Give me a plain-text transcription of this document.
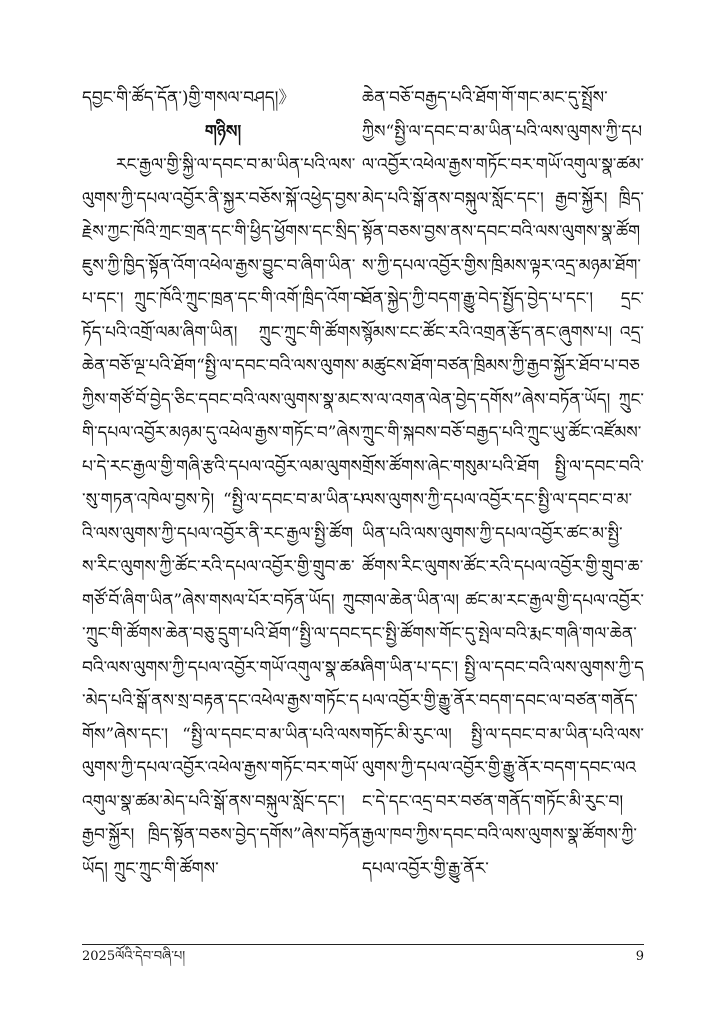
དབྱང་གི་ཚོད་དོན་)གྱི་གསལ་བཤད།》
གཉིས།

རང་རྒྱལ་གྱི་སྐྱི་ལ་དབང་བ་མ་ཡིན་པའི་ལས་ལུགས་ཀྱི་དཔལ་འབྱོར་ནི་སྐྱར་བཅོས་སྐོ་འཕྱེད་བྱས་རྗེས་ཀྱང་ཁོའི་ཀྲང་གྲན་དང་གི་ཕྱིད་ཕྱོགས་དང་སྲིད་ཇུས་ཀྱི་ཁྱིད་སྟོན་འོག་འཕེལ་རྒྱས་བྱུང་བ་ཞིག་ཡིན་པ་དང་། ཀྲུང་ཁོའི་ཀྲུང་ཁྲན་དང་གི་འགོ་ཁྲིད་འོག་བཏོད་པའི་འགྲོ་ལམ་ཞིག་ཡིན། ཀྲུང་ཀྲུང་གི་ཚོགས་ཆེན་བཅོ་ལྔ་པའི་ཐོག“སྤྱི་ལ་དབང་བའི་ལས་ལུགས་ཀྱིས་གཙོ་བོ་བྱེད་ཅིང་དབང་བའི་ལས་ལུགས་སྣ་མང་གི་དཔལ་འབྱོར་མཉམ་དུ་འཕེལ་རྒྱས་གཏོང་བ”ཞེས་པ་དེ་རང་རྒྱལ་གྱི་གཞི་རྩའི་དཔལ་འབྱོར་ལམ་ལུགས་སུ་གཏན་འཁེལ་བྱས་ཏེ། “སྤྱི་ལ་དབང་བ་མ་ཡིན་པའི་ལས་ལུགས་ཀྱི་དཔལ་འབྱོར་ནི་རང་རྒྱལ་སྤྱི་ཚོགས་རིང་ལུགས་ཀྱི་ཚོང་རའི་དཔལ་འབྱོར་གྱི་གྲུབ་ཆ་གཙོ་བོ་ཞིག་ཡིན”ཞེས་གསལ་པོར་བཏོན་ཡོད། ཀྲུང་ཀྲུང་གི་ཚོགས་ཆེན་བཅུ་དྲུག་པའི་ཐོག“སྤྱི་ལ་དབང་བའི་ལས་ལུགས་ཀྱི་དཔལ་འབྱོར་གཡོ་འགུལ་སྣ་ཚམ་མེད་པའི་སྒོ་ནས་སྲ་བརྟན་དང་འཕེལ་རྒྱས་གཏོང་དགོས”ཞེས་དང་། “སྤྱི་ལ་དབང་བ་མ་ཡིན་པའི་ལས་ལུགས་ཀྱི་དཔལ་འབྱོར་འཕེལ་རྒྱས་གཏོང་བར་གཡོ་འགུལ་སྣ་ཚམ་མེད་པའི་སྒོ་ནས་བསྐུལ་སློང་དང་། རྒྱབ་སྐྱོར། ཁྲིད་སྟོན་བཅས་བྱེད་དགོས”ཞེས་བཏོན་ཡོད། ཀྲུང་ཀྲུང་གི་ཚོགས་

ཆེན་བཅོ་བརྒྱད་པའི་ཐོག་གོ་གང་མང་དུ་སྤྲོས་ཀྱིས“སྤྱི་ལ་དབང་བ་མ་ཡིན་པའི་ལས་ལུགས་ཀྱི་དཔལ་འབྱོར་འཕེལ་རྒྱས་གཏོང་བར་གཡོ་འགུལ་སྣ་ཚམ་མེད་པའི་སྒོ་ནས་བསྐུལ་སློང་དང་། རྒྱབ་སྐྱོར། ཁྲིད་སྟོན་བཅས་བྱས་ནས་དབང་བའི་ལས་ལུགས་སྣ་ཚོགས་ཀྱི་དཔལ་འབྱོར་གྱིས་ཁྲིམས་ལྟར་འདྲ་མཉམ་ཐོག་ཐོན་སྐྱེད་ཀྱི་བདག་རྒྱུ་བེད་སྤྱོད་བྱེད་པ་དང་། དྲང་སྙོམས་ངང་ཚོང་རའི་འགྲན་རྩོད་ནང་ཞུགས་པ། འདྲ་མཚུངས་ཐོག་བཙན་ཁྲིམས་ཀྱི་རྒྱབ་སྐྱོར་ཐོབ་པ་བཅས་ལ་འགན་ལེན་བྱེད་དགོས”ཞེས་བཏོན་ཡོད། ཀྲུང་ཀྲུང་གི་སྐབས་བཅོ་བརྒྱད་པའི་ཀྲུང་ཡུ་ཚོང་འཛོམས་གྲོས་ཚོགས་ཞེང་གསུམ་པའི་ཐོག སྤྱི་ལ་དབང་བའི་ལས་ལུགས་ཀྱི་དཔལ་འབྱོར་དང་སྤྱི་ལ་དབང་བ་མ་ཡིན་པའི་ལས་ལུགས་ཀྱི་དཔལ་འབྱོར་ཚང་མ་སྤྱི་ཚོགས་རིང་ལུགས་ཚོང་རའི་དཔལ་འབྱོར་གྱི་གྲུབ་ཆ་གལ་ཆེན་ཡིན་ལ། ཚང་མ་རང་རྒྱལ་གྱི་དཔལ་འབྱོར་དང་སྤྱི་ཚོགས་གོང་དུ་སྤེལ་བའི་རྨང་གཞི་གལ་ཆེན་ཞིག་ཡིན་པ་དང་། སྤྱི་ལ་དབང་བའི་ལས་ལུགས་ཀྱི་དཔལ་འབྱོར་གྱི་རྒྱུ་ནོར་བདག་དབང་ལ་བཙན་གནོད་གཏོང་མི་རུང་ལ། སྤྱི་ལ་དབང་བ་མ་ཡིན་པའི་ལས་ལུགས་ཀྱི་དཔལ་འབྱོར་གྱི་རྒྱུ་ནོར་བདག་དབང་ལའང་དེ་དང་འདྲ་བར་བཙན་གནོད་གཏོང་མི་རུང་བ། རྒྱལ་ཁབ་ཀྱིས་དབང་བའི་ལས་ལུགས་སྣ་ཚོགས་ཀྱི་དཔལ་འབྱོར་གྱི་རྒྱུ་ནོར་

2025ལོའི་དེབ་བཞི་པ།	9
